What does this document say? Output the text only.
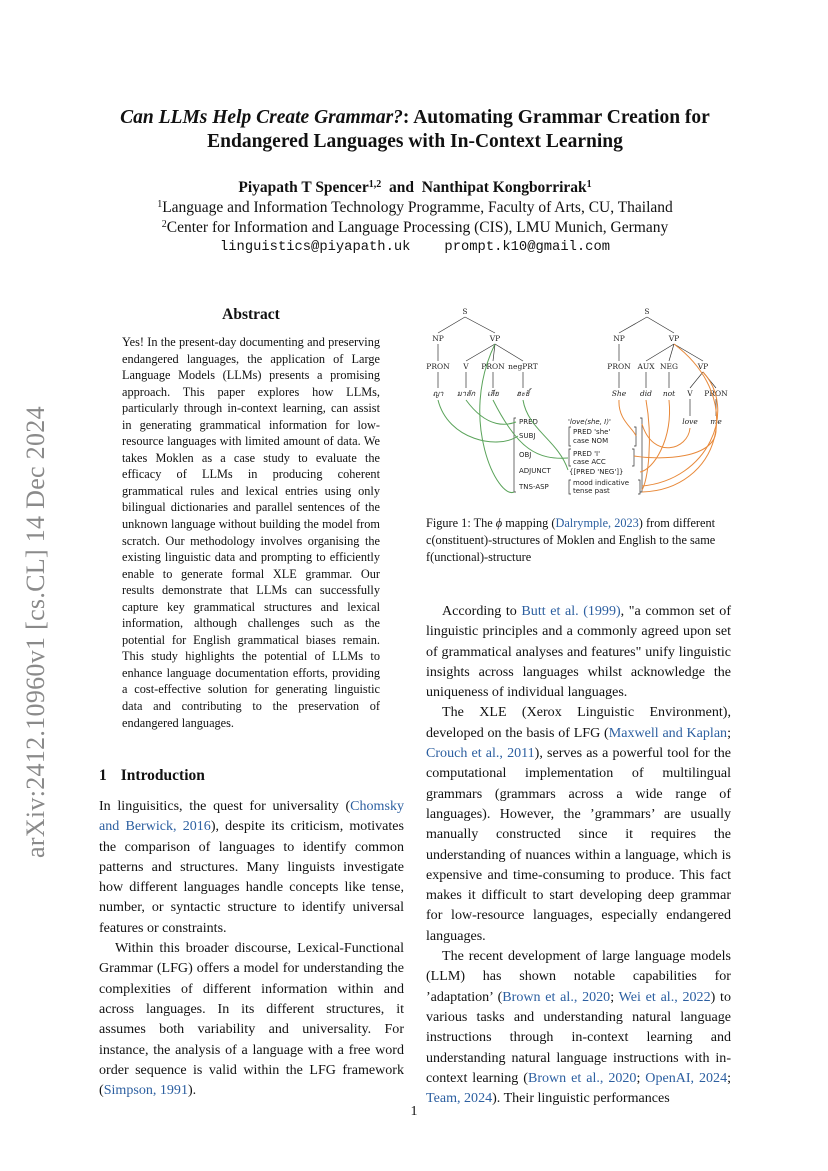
arXiv:2412.10960v1 [cs.CL] 14 Dec 2024
Can LLMs Help Create Grammar?: Automating Grammar Creation for
Endangered Languages with In-Context Learning
Piyapath T Spencer$^{1,2}$ and Nanthipat Kongborrirak$^1$
$^1$Language and Information Technology Programme, Faculty of Arts, CU, Thailand
$^2$Center for Information and Language Processing (CIS), LMU Munich, Germany
linguistics@piyapath.uk prompt.k10@gmail.com
Abstract
Yes! In the present-day documenting and preserving endangered languages, the application of Large Language Models (LLMs) presents a promising approach. This paper explores how LLMs, particularly through in-context learning, can assist in generating grammatical information for low-resource languages with limited amount of data. We takes Moklen as a case study to evaluate the efficacy of LLMs in producing coherent grammatical rules and lexical entries using only bilingual dictionaries and parallel sentences of the unknown language without building the model from scratch. Our methodology involves organising the existing linguistic data and prompting to efficiently enable to generate formal XLE grammar. Our results demonstrate that LLMs can successfully capture key grammatical structures and lexical information, although challenges such as the potential for English grammatical biases remain. This study highlights the potential of LLMs to enhance language documentation efforts, providing a cost-effective solution for generating linguistic data and contributing to the preservation of endangered languages.
1 Introduction

In linguisitics, the quest for universality (Chomsky and Berwick, 2016), despite its criticism, motivates the comparison of languages to identify common patterns and structures. Many linguists investigate how different languages handle concepts like tense, number, or syntactic structure to identify universal features or constraints.

Within this broader discourse, Lexical-Functional Grammar (LFG) offers a model for understanding the complexities of different information within and across languages. In its different structures, it assumes both variability and universality. For instance, the analysis of a language with a free word order sequence is valid within the LFG framework (Simpson, 1991).

S
NP	VP
PRON V PRON negPRT
ญา มาลัก เลีย ฮะธิ์
S
NP	VP
PRON AUX NEG	VP
V PRON
She did not
love me
PRED
SUBJ
OBJ
ADJUNCT
TNS-ASP
'love⟨she, I⟩'
PRED 'she'
case NOM
PRED 'I'
case ACC
{[PRED 'NEG']}
mood indicative
tense past
Figure 1: The ϕ mapping (Dalrymple, 2023) from different c(onstituent)-structures of Moklen and English to the same f(unctional)-structure

According to Butt et al. (1999), "a common set of linguistic principles and a commonly agreed upon set of grammatical analyses and features" unify linguistic insights across languages whilst acknowledge the uniqueness of individual languages.

The XLE (Xerox Linguistic Environment), developed on the basis of LFG (Maxwell and Kaplan; Crouch et al., 2011), serves as a powerful tool for the computational implementation of multilingual grammars (grammars across a wide range of languages). However, the ’grammars’ are usually manually constructed since it requires the understanding of nuances within a language, which is expensive and time-consuming to produce. This fact makes it difficult to start developing deep grammar for low-resource languages, especially endangered languages.

The recent development of large language models (LLM) has shown notable capabilities for ’adaptation’ (Brown et al., 2020; Wei et al., 2022) to various tasks and understanding natural language instructions through in-context learning and understanding natural language instructions with in-context learning (Brown et al., 2020; OpenAI, 2024; Team, 2024). Their linguistic performances

1
